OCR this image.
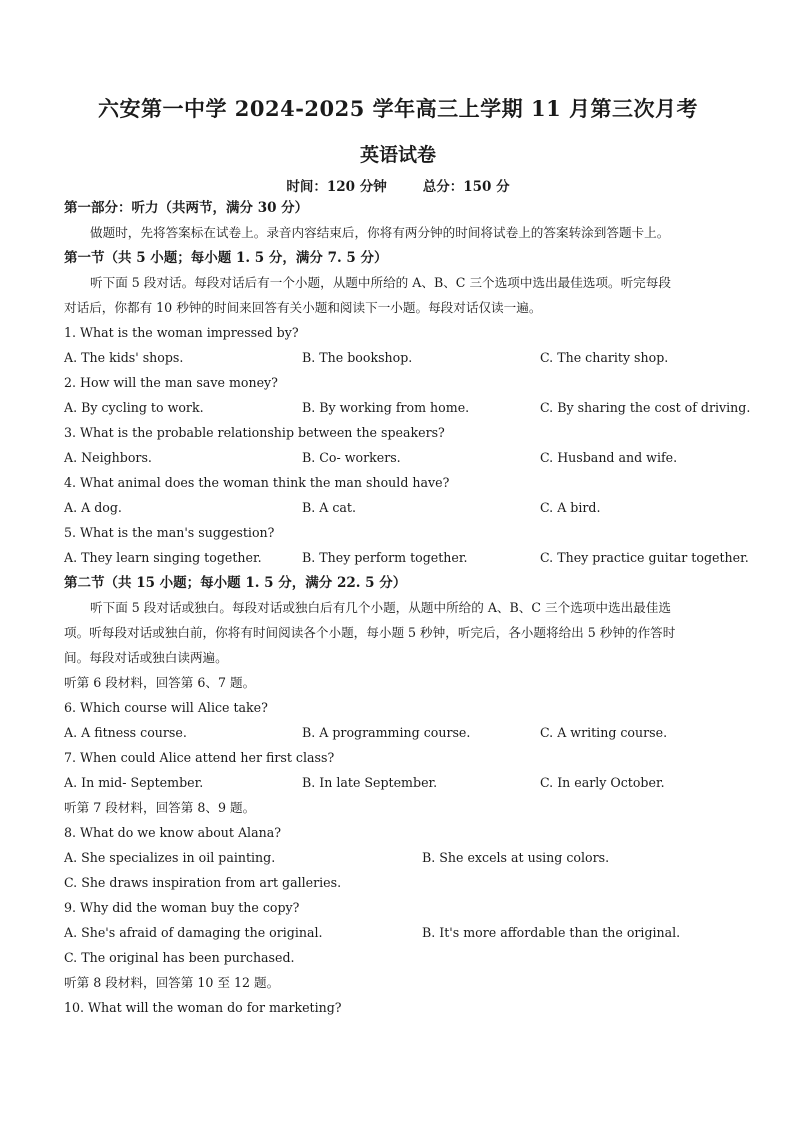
六安第一中学 2024-2025 学年高三上学期 11 月第三次月考
英语试卷
时间：120 分钟	总分：150 分
第一部分：听力（共两节，满分 30 分）
做题时，先将答案标在试卷上。录音内容结束后，你将有两分钟的时间将试卷上的答案转涂到答题卡上。
第一节（共 5 小题；每小题 1. 5 分，满分 7. 5 分）
听下面 5 段对话。每段对话后有一个小题，从题中所给的 A、B、C 三个选项中选出最佳选项。听完每段
对话后，你都有 10 秒钟的时间来回答有关小题和阅读下一小题。每段对话仅读一遍。
1. What is the woman impressed by?
A. The kids' shops.	B. The bookshop.	C. The charity shop.
2. How will the man save money?
A. By cycling to work.	B. By working from home.	C. By sharing the cost of driving.
3. What is the probable relationship between the speakers?
A. Neighbors.	B. Co- workers.	C. Husband and wife.
4. What animal does the woman think the man should have?
A. A dog.	B. A cat.	C. A bird.
5. What is the man's suggestion?
A. They learn singing together.	B. They perform together.	C. They practice guitar together.
第二节（共 15 小题；每小题 1. 5 分，满分 22. 5 分）
听下面 5 段对话或独白。每段对话或独白后有几个小题，从题中所给的 A、B、C 三个选项中选出最佳选
项。听每段对话或独白前，你将有时间阅读各个小题，每小题 5 秒钟，听完后，各小题将给出 5 秒钟的作答时
间。每段对话或独白读两遍。
听第 6 段材料，回答第 6、7 题。
6. Which course will Alice take?
A. A fitness course.	B. A programming course.	C. A writing course.
7. When could Alice attend her first class?
A. In mid- September.	B. In late September.	C. In early October.
听第 7 段材料，回答第 8、9 题。
8. What do we know about Alana?
A. She specializes in oil painting.	B. She excels at using colors.
C. She draws inspiration from art galleries.
9. Why did the woman buy the copy?
A. She's afraid of damaging the original.	B. It's more affordable than the original.
C. The original has been purchased.
听第 8 段材料，回答第 10 至 12 题。
10. What will the woman do for marketing?
